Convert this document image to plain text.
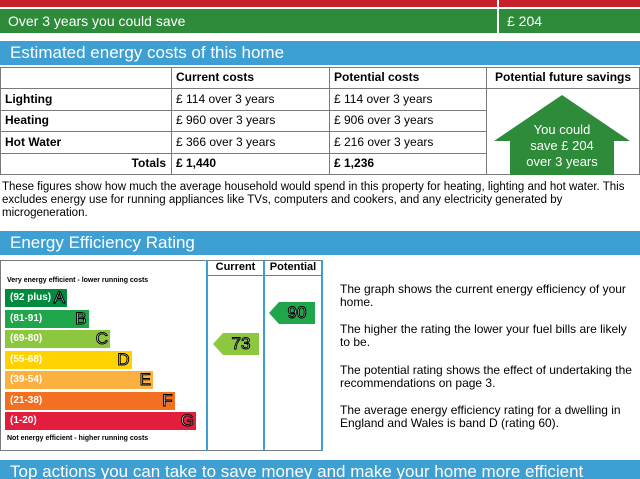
Over 3 years you could save	£ 204
Estimated energy costs of this home
Current costs	Potential costs	Potential future savings
Lighting	£ 114 over 3 years	£ 114 over 3 years
Heating	£ 960 over 3 years	£ 906 over 3 years
Hot Water	£ 366 over 3 years	£ 216 over 3 years
Totals £ 1,440	£ 1,236
You could
save £ 204
over 3 years
These figures show how much the average household would spend in this property for heating, lighting and hot water. This excludes energy use for running appliances like TVs, computers and cookers, and any electricity generated by microgeneration.
Energy Efficiency Rating
Current	Potential
Very energy efficient - lower running costs
(92 plus) A
(81-91) B
(69-80)	C
(55-68)	D
(39-54)	E
(21-38)	F
(1-20)	G
Not energy efficient - higher running costs
73
90
The graph shows the current energy efficiency of your home.
The higher the rating the lower your fuel bills are likely to be.
The potential rating shows the effect of undertaking the recommendations on page 3.
The average energy efficiency rating for a dwelling in England and Wales is band D (rating 60).
Top actions you can take to save money and make your home more efficient
